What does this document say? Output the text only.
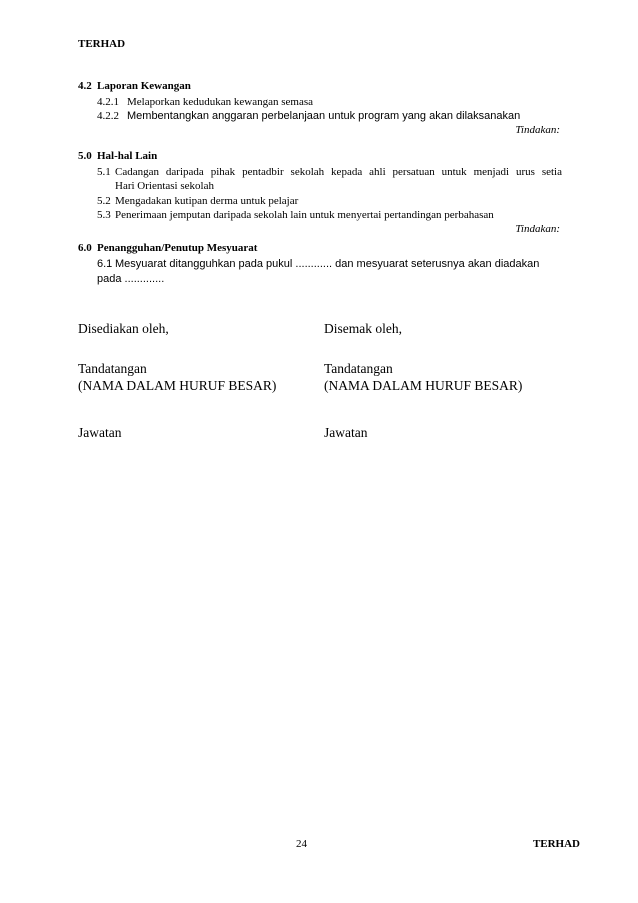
TERHAD
4.2 Laporan Kewangan
4.2.1 Melaporkan kedudukan kewangan semasa
4.2.2 Membentangkan anggaran perbelanjaan untuk program yang akan dilaksanakan
Tindakan:
5.0 Hal-hal Lain
5.1 Cadangan daripada pihak pentadbir sekolah kepada ahli persatuan untuk menjadi urus setia
Hari Orientasi sekolah
5.2 Mengadakan kutipan derma untuk pelajar
5.3 Penerimaan jemputan daripada sekolah lain untuk menyertai pertandingan perbahasan
Tindakan:
6.0 Penangguhan/Penutup Mesyuarat
6.1 Mesyuarat ditangguhkan pada pukul ............ dan mesyuarat seterusnya akan diadakan
pada .............
Disediakan oleh,
Tandatangan
(NAMA DALAM HURUF BESAR)
Jawatan
Disemak oleh,
Tandatangan
(NAMA DALAM HURUF BESAR)
Jawatan
24	TERHAD
